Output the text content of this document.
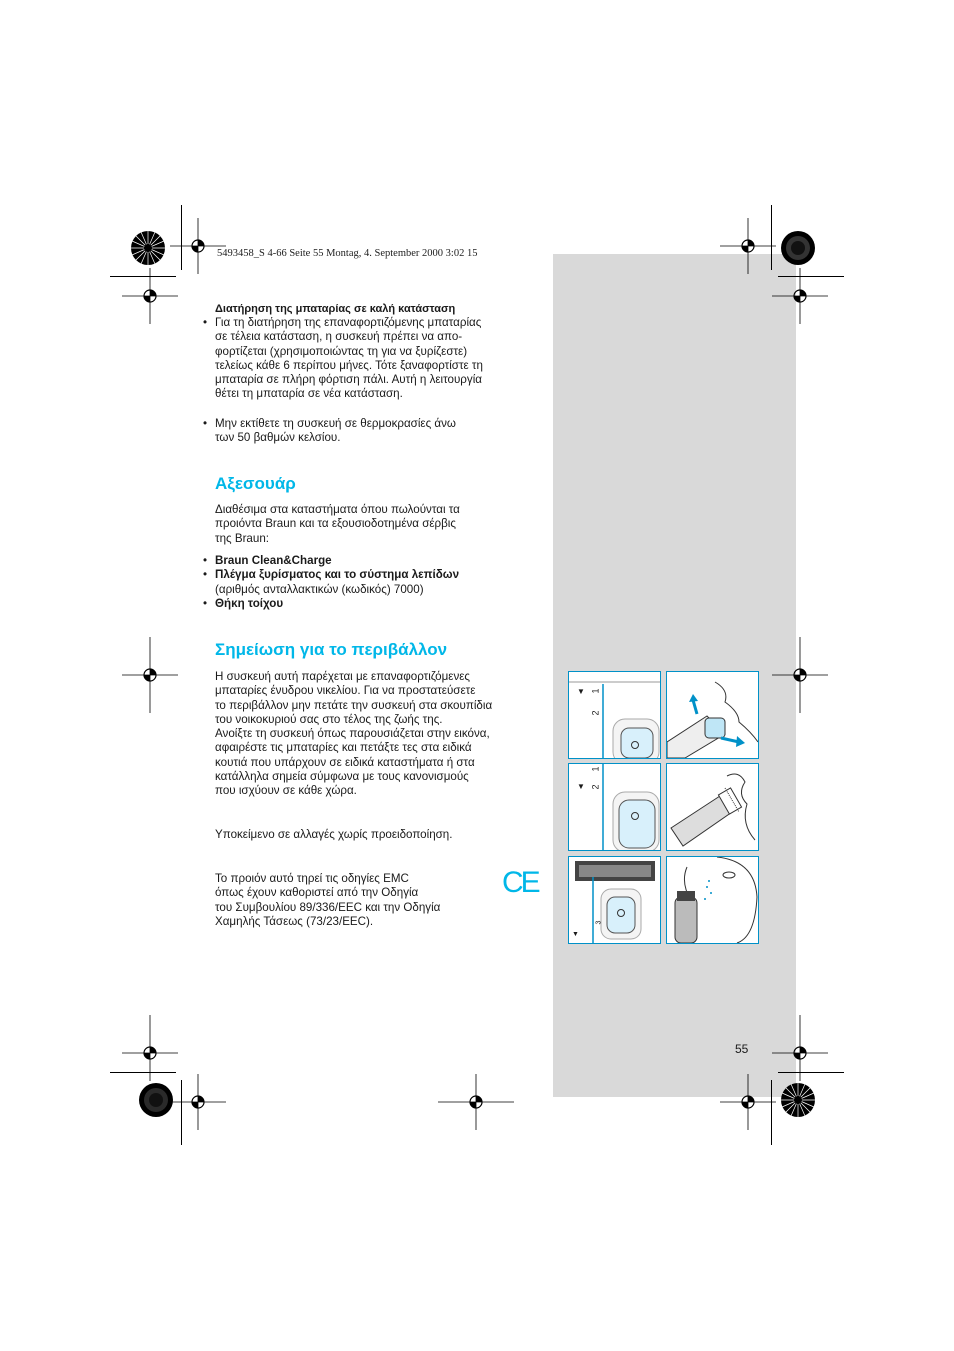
5493458_S 4-66 Seite 55 Montag, 4. September 2000 3:02 15
Διατήρηση της μπαταρίας σε καλή κατάσταση
• Για τη διατήρηση της επαναφορτιζόμενης μπαταρίας
σε τέλεια κατάσταση, η συσκευή πρέπει να απο-
φορτίζεται (χρησιμοποιώντας τη για να ξυρίζεστε)
τελείως κάθε 6 περίπου μήνες. Τότε ξαναφορτίστε τη
μπαταρία σε πλήρη φόρτιση πάλι. Αυτή η λειτουργία
θέτει τη μπαταρία σε νέα κατάσταση.
• Μην εκτίθετε τη συσκευή σε θερμοκρασίες άνω
των 50 βαθμών κελσίου.
Αξεσουάρ
Διαθέσιμα στα καταστήματα όπου πωλούνται τα
προιόντα Braun και τα εξουσιοδοτημένα σέρβις
της Braun:
• Braun Clean&Charge
• Πλέγμα ξυρίσματος και το σύστημα λεπίδων
(αριθμός ανταλλακτικών (κωδικός) 7000)
• Θήκη τοίχου
Σημείωση για το περιβάλλον
Η συσκευή αυτή παρέχεται με επαναφορτιζόμενες
μπαταρίες ένυδρου νικελίου. Για να προστατεύσετε
το περιβάλλον μην πετάτε την συσκευή στα σκουπίδια
του νοικοκυριού σας στο τέλος της ζωής της.
Ανοίξτε τη συσκευή όπως παρουσιάζεται στην εικόνα,
αφαιρέστε τις μπαταρίες και πετάξτε τες στα ειδικά
κουτιά που υπάρχουν σε ειδικά καταστήματα ή στα
κατάλληλα σημεία σύμφωνα με τους κανονισμούς
που ισχύουν σε κάθε χώρα.
Υποκείμενο σε αλλαγές χωρίς προειδοποίηση.
Το προιόν αυτό τηρεί τις οδηγίες EMC
όπως έχουν καθοριστεί από την Οδηγία
του Συμβουλίου 89/336/EEC και την Οδηγία
Χαμηλής Τάσεως (73/23/EEC).
CE
▼ 1
2
▼
1
2
▼
3
55
